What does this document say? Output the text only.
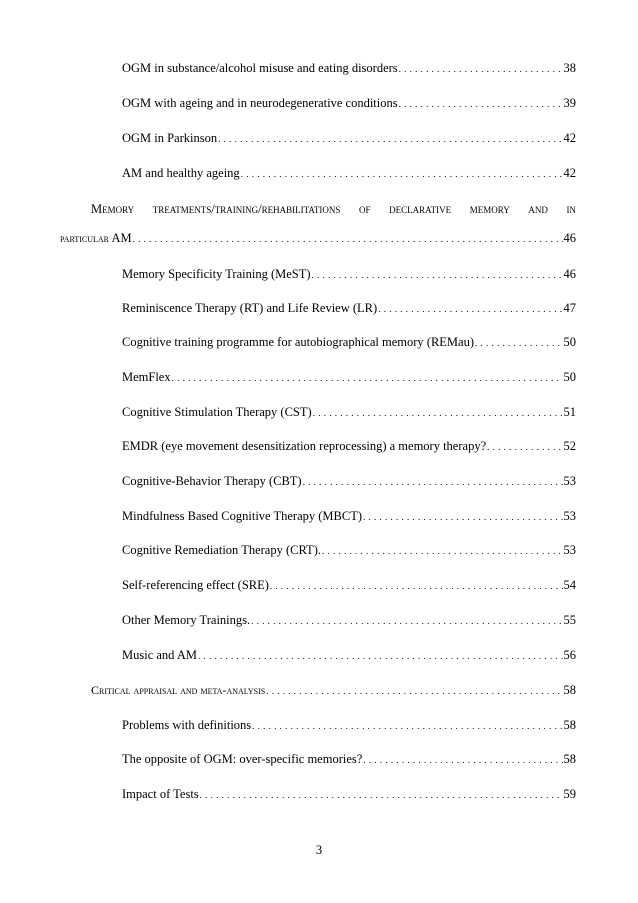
OGM in substance/alcohol misuse and eating disorders . . .	38
OGM with ageing and in neurodegenerative conditions . . .	39
OGM in Parkinson . . .	42
AM and healthy ageing . . .	42
Memory treatments/training/rehabilitations of declarative memory and in
particular AM . . .	46
Memory Specificity Training (MeST) . . .	46
Reminiscence Therapy (RT) and Life Review (LR) . . .	47
Cognitive training programme for autobiographical memory (REMau) . . .	50
MemFlex . . .	50
Cognitive Stimulation Therapy (CST) . . .	51
EMDR (eye movement desensitization reprocessing) a memory therapy? . . .	52
Cognitive-Behavior Therapy (CBT) . . .	53
Mindfulness Based Cognitive Therapy (MBCT) . . .	53
Cognitive Remediation Therapy (CRT). . . .	53
Self-referencing effect (SRE) . . .	54
Other Memory Trainings. . . .	55
Music and AM . . .	56
Critical appraisal and meta-analysis . . .	58
Problems with definitions . . .	58
The opposite of OGM: over-specific memories? . . .	58
Impact of Tests . . .	59
3
